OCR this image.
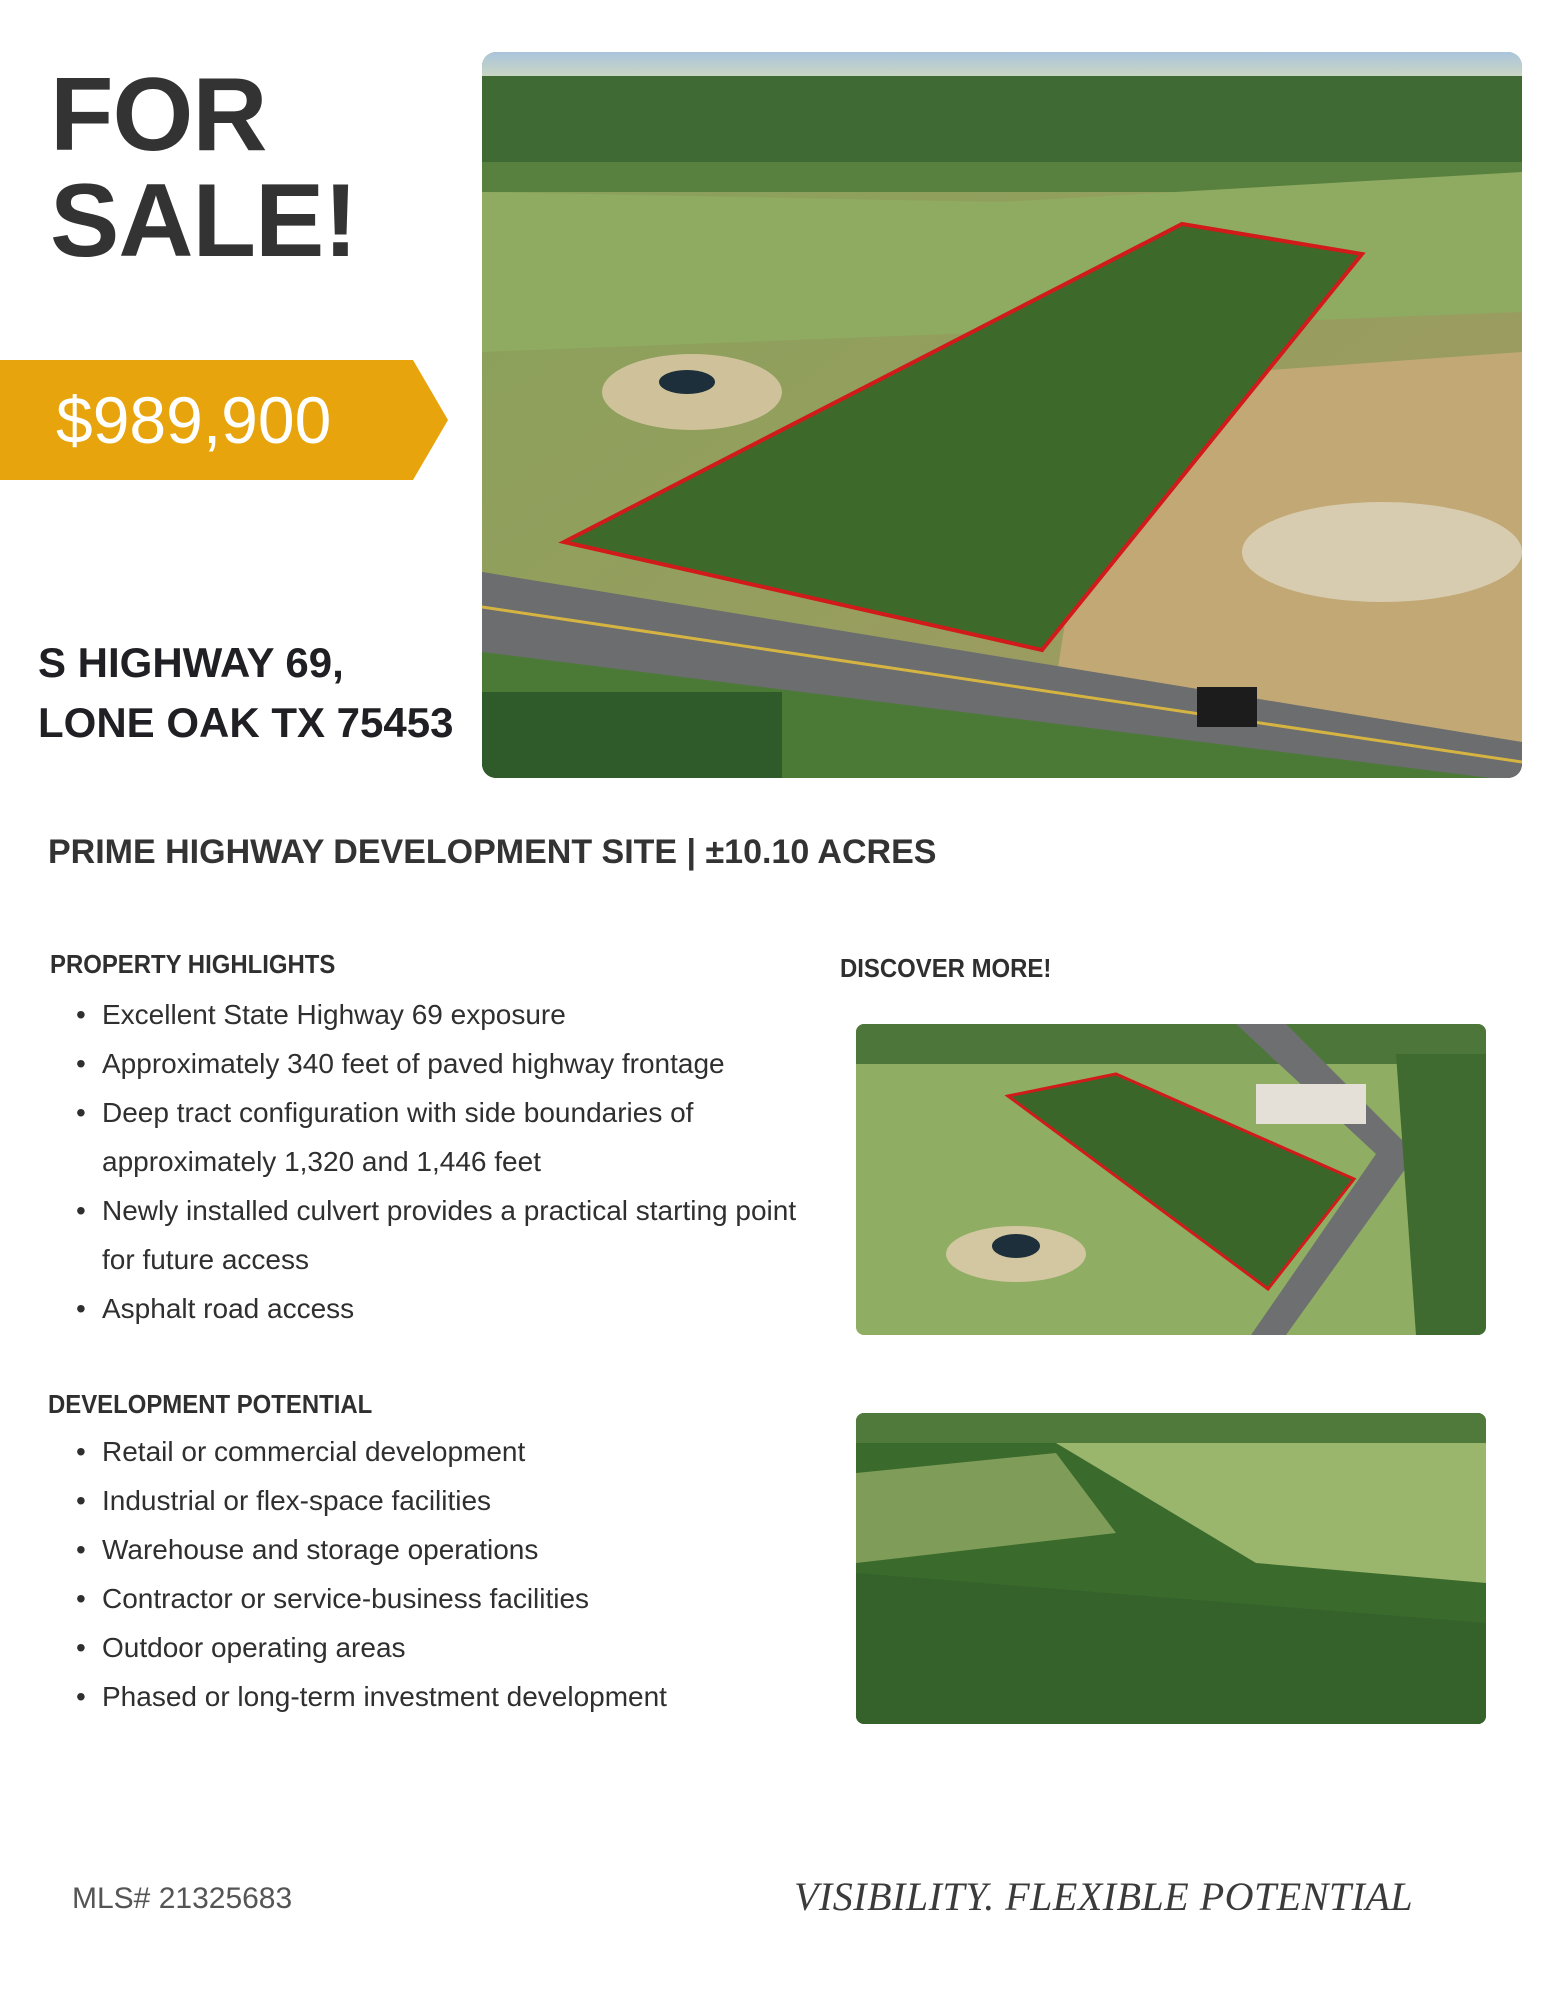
FOR
SALE!
$989,900
S HIGHWAY 69,
LONE OAK TX 75453
PRIME HIGHWAY DEVELOPMENT SITE | ±10.10 ACRES
PROPERTY HIGHLIGHTS
• Excellent State Highway 69 exposure
• Approximately 340 feet of paved highway frontage
• Deep tract configuration with side boundaries of approximately 1,320 and 1,446 feet
• Newly installed culvert provides a practical starting point for future access
• Asphalt road access
DEVELOPMENT POTENTIAL
• Retail or commercial development
• Industrial or flex-space facilities
• Warehouse and storage operations
• Contractor or service-business facilities
• Outdoor operating areas
• Phased or long-term investment development
DISCOVER MORE!
MLS# 21325683	VISIBILITY. FLEXIBLE POTENTIAL
